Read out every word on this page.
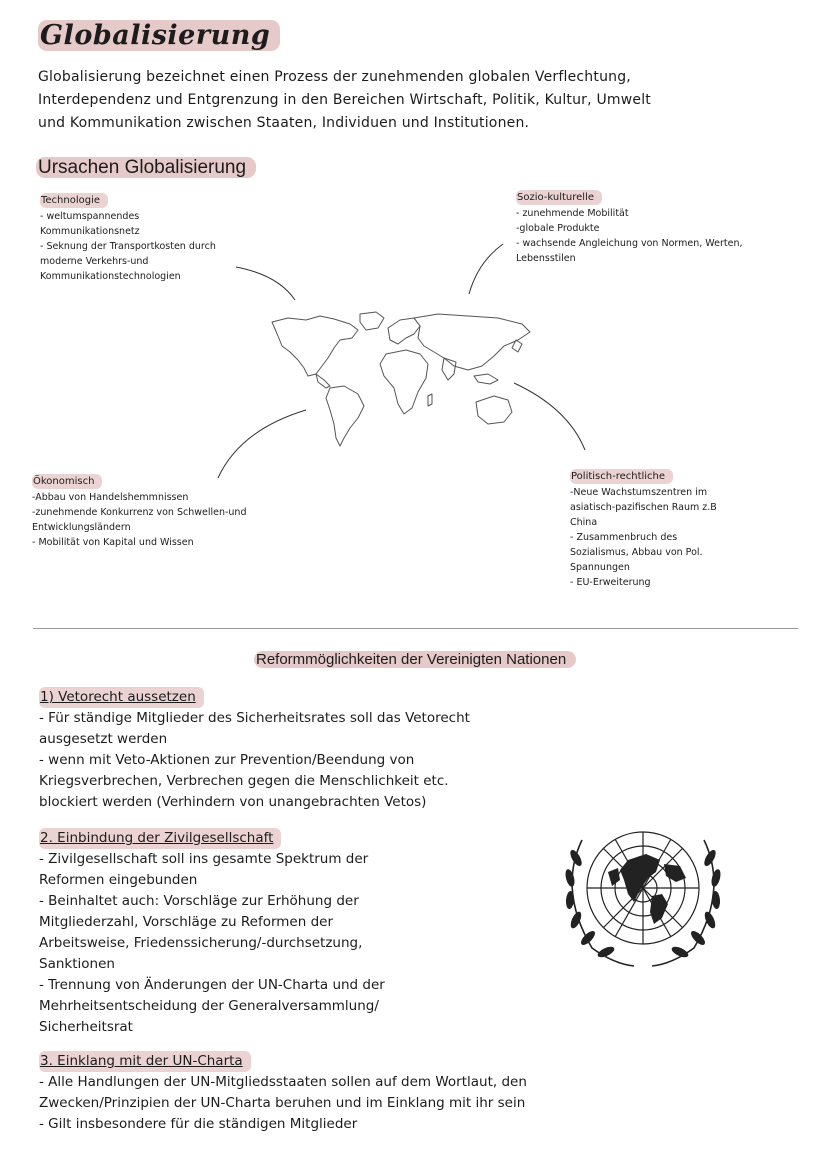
Globalisierung
Globalisierung bezeichnet einen Prozess der zunehmenden globalen Verflechtung,
Interdependenz und Entgrenzung in den Bereichen Wirtschaft, Politik, Kultur, Umwelt
und Kommunikation zwischen Staaten, Individuen und Institutionen.
Ursachen Globalisierung
Technologie
- weltumspannendes
Kommunikationsnetz
- Seknung der Transportkosten durch
moderne Verkehrs-und
Kommunikationstechnologien
Sozio-kulturelle
- zunehmende Mobilität
-globale Produkte
- wachsende Angleichung von Normen, Werten,
Lebensstilen
Ökonomisch
-Abbau von Handelshemmnissen
-zunehmende Konkurrenz von Schwellen-und
Entwicklungsländern
- Mobilität von Kapital und Wissen
Politisch-rechtliche
-Neue Wachstumszentren im
asiatisch-pazifischen Raum z.B
China
- Zusammenbruch des
Sozialismus, Abbau von Pol.
Spannungen
- EU-Erweiterung
Reformmöglichkeiten der Vereinigten Nationen
1) Vetorecht aussetzen
- Für ständige Mitglieder des Sicherheitsrates soll das Vetorecht
ausgesetzt werden
- wenn mit Veto-Aktionen zur Prevention/Beendung von
Kriegsverbrechen, Verbrechen gegen die Menschlichkeit etc.
blockiert werden (Verhindern von unangebrachten Vetos)
2. Einbindung der Zivilgesellschaft
- Zivilgesellschaft soll ins gesamte Spektrum der
Reformen eingebunden
- Beinhaltet auch: Vorschläge zur Erhöhung der
Mitgliederzahl, Vorschläge zu Reformen der
Arbeitsweise, Friedenssicherung/-durchsetzung,
Sanktionen
- Trennung von Änderungen der UN-Charta und der
Mehrheitsentscheidung der Generalversammlung/
Sicherheitsrat
3. Einklang mit der UN-Charta
- Alle Handlungen der UN-Mitgliedsstaaten sollen auf dem Wortlaut, den
Zwecken/Prinzipien der UN-Charta beruhen und im Einklang mit ihr sein
- Gilt insbesondere für die ständigen Mitglieder
